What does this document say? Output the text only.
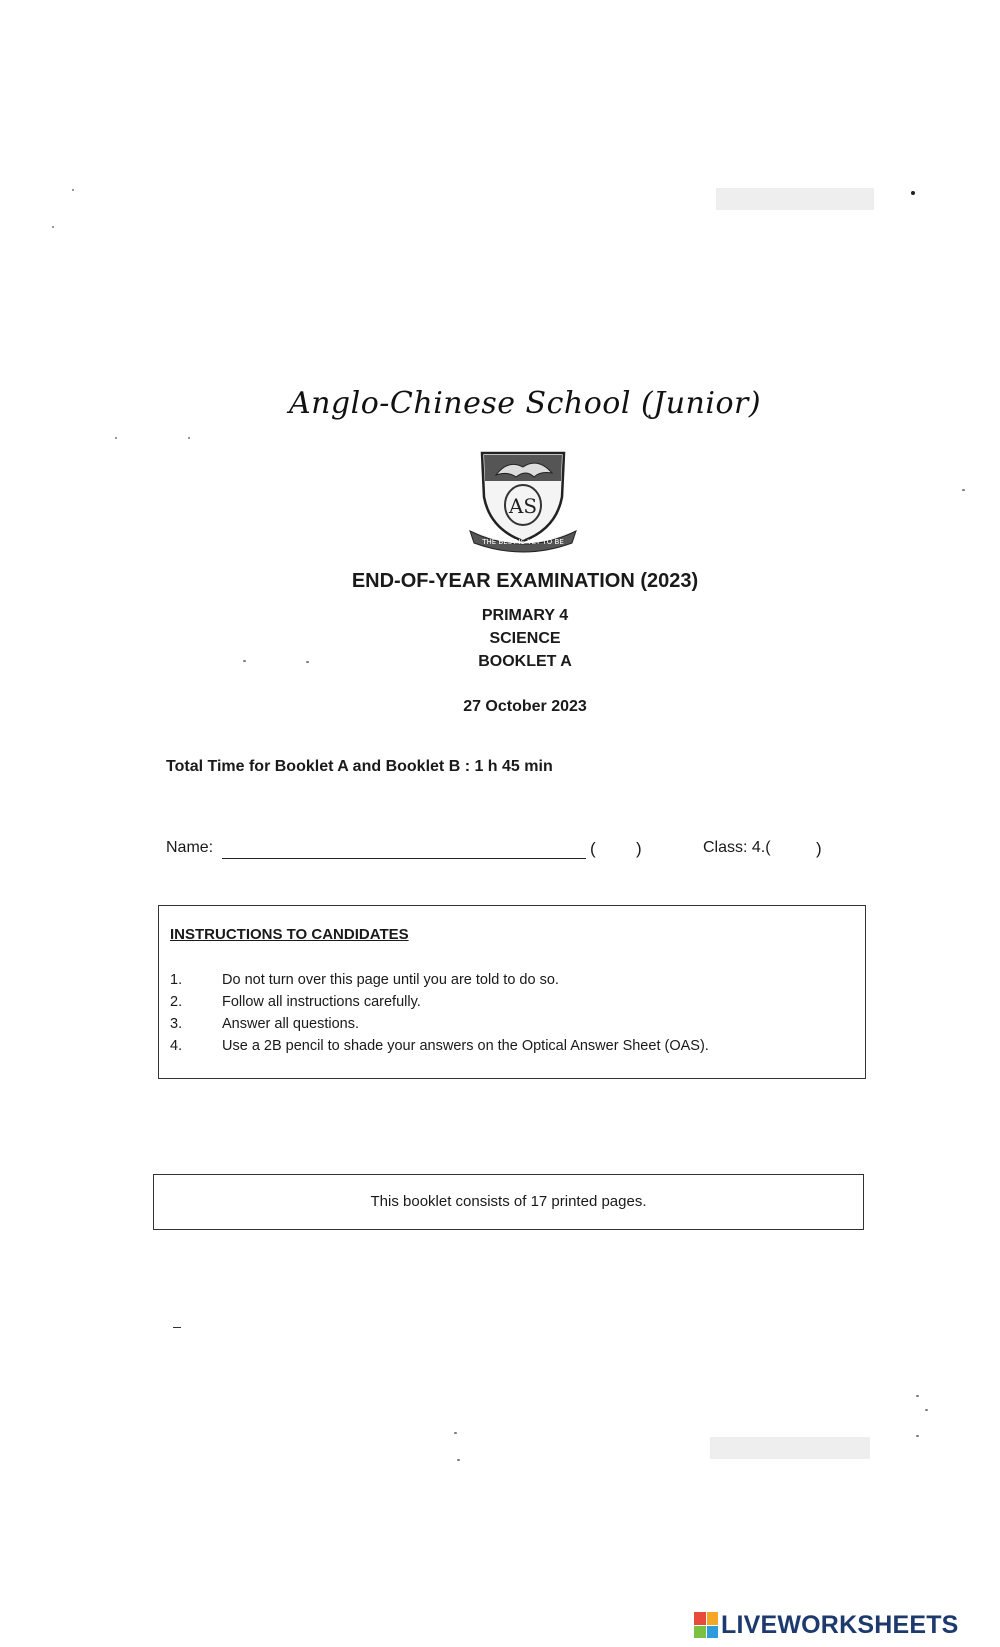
Anglo-Chinese School (Junior)
AS
THE BEST IS YET TO BE
END-OF-YEAR EXAMINATION (2023)
PRIMARY 4
SCIENCE
BOOKLET A
27 October 2023
Total Time for Booklet A and Booklet B : 1 h 45 min
Name:	( )	Class: 4.(	)
INSTRUCTIONS TO CANDIDATES
1.	Do not turn over this page until you are told to do so.
2.	Follow all instructions carefully.
3.	Answer all questions.
4.	Use a 2B pencil to shade your answers on the Optical Answer Sheet (OAS).
This booklet consists of 17 printed pages.
LIVEWORKSHEETS
